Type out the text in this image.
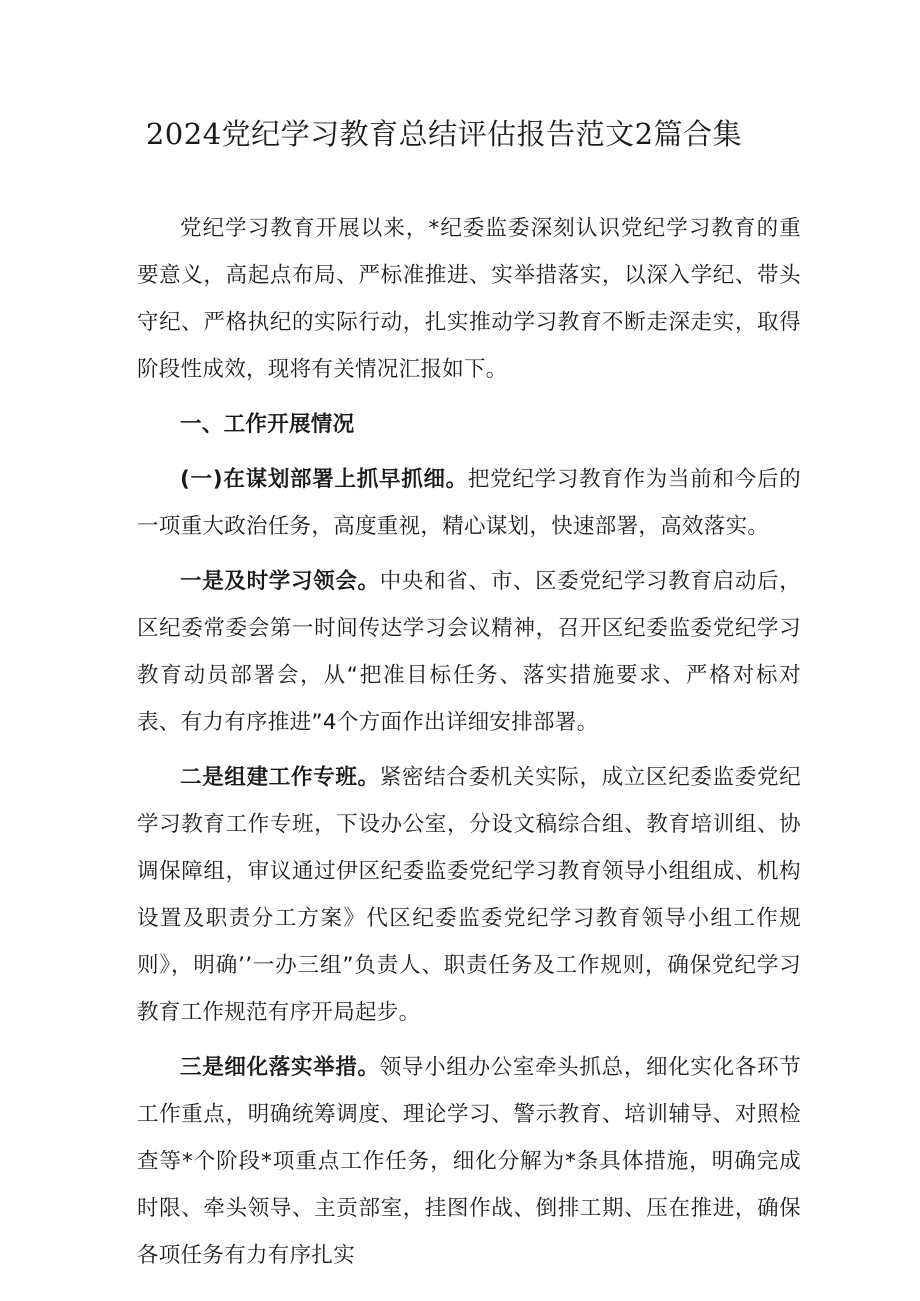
2024党纪学习教育总结评估报告范文2篇合集

党纪学习教育开展以来，*纪委监委深刻认识党纪学习教育的重要意义，高起点布局、严标准推进、实举措落实，以深入学纪、带头守纪、严格执纪的实际行动，扎实推动学习教育不断走深走实，取得阶段性成效，现将有关情况汇报如下。

一、工作开展情况

(一)在谋划部署上抓早抓细。把党纪学习教育作为当前和今后的一项重大政治任务，高度重视，精心谋划，快速部署，高效落实。

一是及时学习领会。中央和省、市、区委党纪学习教育启动后，区纪委常委会第一时间传达学习会议精神，召开区纪委监委党纪学习教育动员部署会，从“把准目标任务、落实措施要求、严格对标对表、有力有序推进”4个方面作出详细安排部署。

二是组建工作专班。紧密结合委机关实际，成立区纪委监委党纪学习教育工作专班，下设办公室，分设文稿综合组、教育培训组、协调保障组，审议通过伊区纪委监委党纪学习教育领导小组组成、机构设置及职责分工方案》代区纪委监委党纪学习教育领导小组工作规则》，明确’’一办三组”负责人、职责任务及工作规则，确保党纪学习教育工作规范有序开局起步。

三是细化落实举措。领导小组办公室牵头抓总，细化实化各环节工作重点，明确统筹调度、理论学习、警示教育、培训辅导、对照检查等*个阶段*项重点工作任务，细化分解为*条具体措施，明确完成时限、牵头领导、主贡部室，挂图作战、倒排工期、压在推进，确保各项任务有力有序扎实
